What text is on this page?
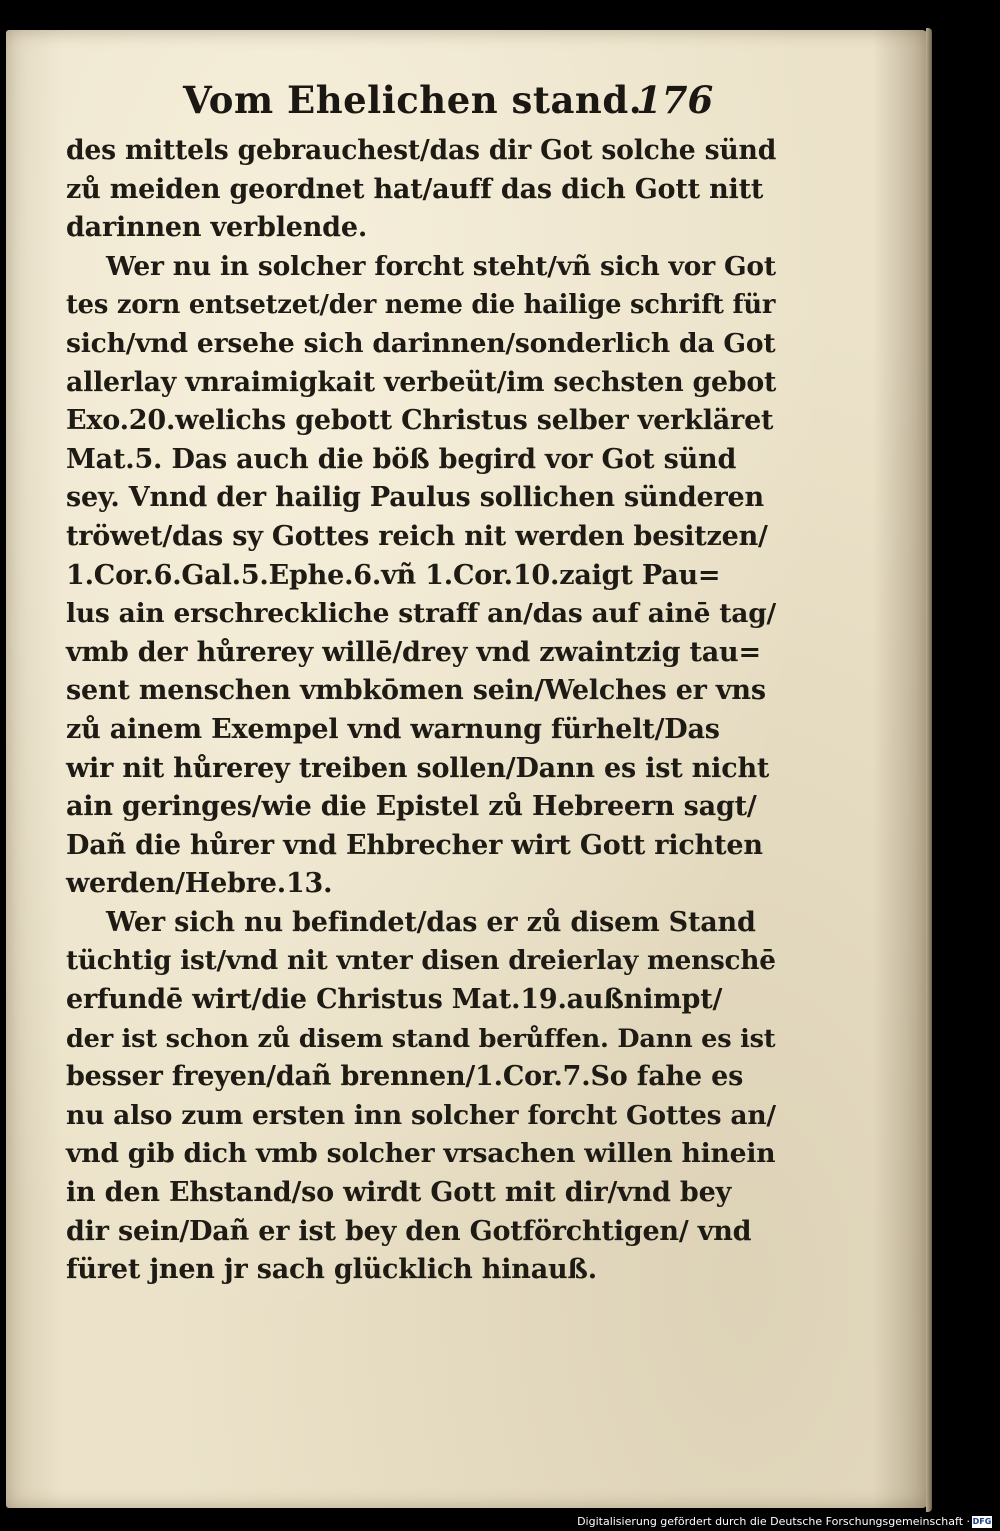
Vom Ehelichen stand.
176
des mittels gebrauchest/das dir Got solche sünd
zů meiden geordnet hat/auff das dich Gott nitt
darinnen verblende.
Wer nu in solcher forcht steht/vñ sich vor Got
tes zorn entsetzet/der neme die hailige schrift für
sich/vnd ersehe sich darinnen/sonderlich da Got
allerlay vnraimigkait verbeüt/im sechsten gebot
Exo.20.welichs gebott Christus selber verkläret
Mat.5. Das auch die böß begird vor Got sünd
sey. Vnnd der hailig Paulus sollichen sünderen
tröwet/das sy Gottes reich nit werden besitzen/
1.Cor.6.Gal.5.Ephe.6.vñ 1.Cor.10.zaigt Pau=
lus ain erschreckliche straff an/das auf ainē tag/
vmb der hůrerey willē/drey vnd zwaintzig tau=
sent menschen vmbkōmen sein/Welches er vns
zů ainem Exempel vnd warnung fürhelt/Das
wir nit hůrerey treiben sollen/Dann es ist nicht
ain geringes/wie die Epistel zů Hebreern sagt/
Dañ die hůrer vnd Ehbrecher wirt Gott richten
werden/Hebre.13.
Wer sich nu befindet/das er zů disem Stand
tüchtig ist/vnd nit vnter disen dreierlay menschē
erfundē wirt/die Christus Mat.19.außnimpt/
der ist schon zů disem stand berůffen. Dann es ist
besser freyen/dañ brennen/1.Cor.7.So fahe es
nu also zum ersten inn solcher forcht Gottes an/
vnd gib dich vmb solcher vrsachen willen hinein
in den Ehstand/so wirdt Gott mit dir/vnd bey
dir sein/Dañ er ist bey den Gotförchtigen/ vnd
füret jnen jr sach glücklich hinauß.
Digitalisierung gefördert durch die Deutsche Forschungsgemeinschaft · DFG
